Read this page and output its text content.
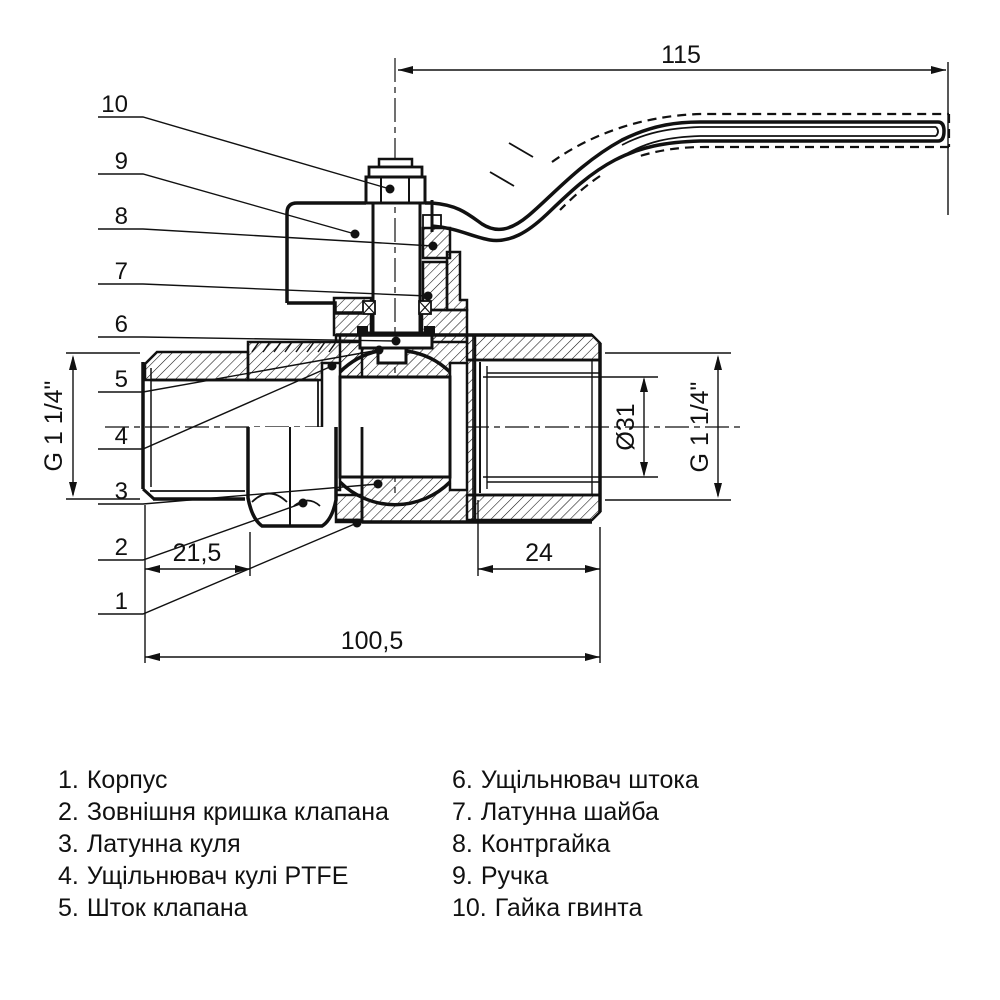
115
G 1 1/4"	Ø31 G 1 1/4"
21,5	24
100,5
10
9
8
7
6
5
4
3
2
1
1. Корпус
2. Зовнішня кришка клапана
3. Латунна куля
4. Ущільнювач кулі PTFE
5. Шток клапана
6. Ущільнювач штока
7. Латунна шайба
8. Контргайка
9. Ручка
10. Гайка гвинта
